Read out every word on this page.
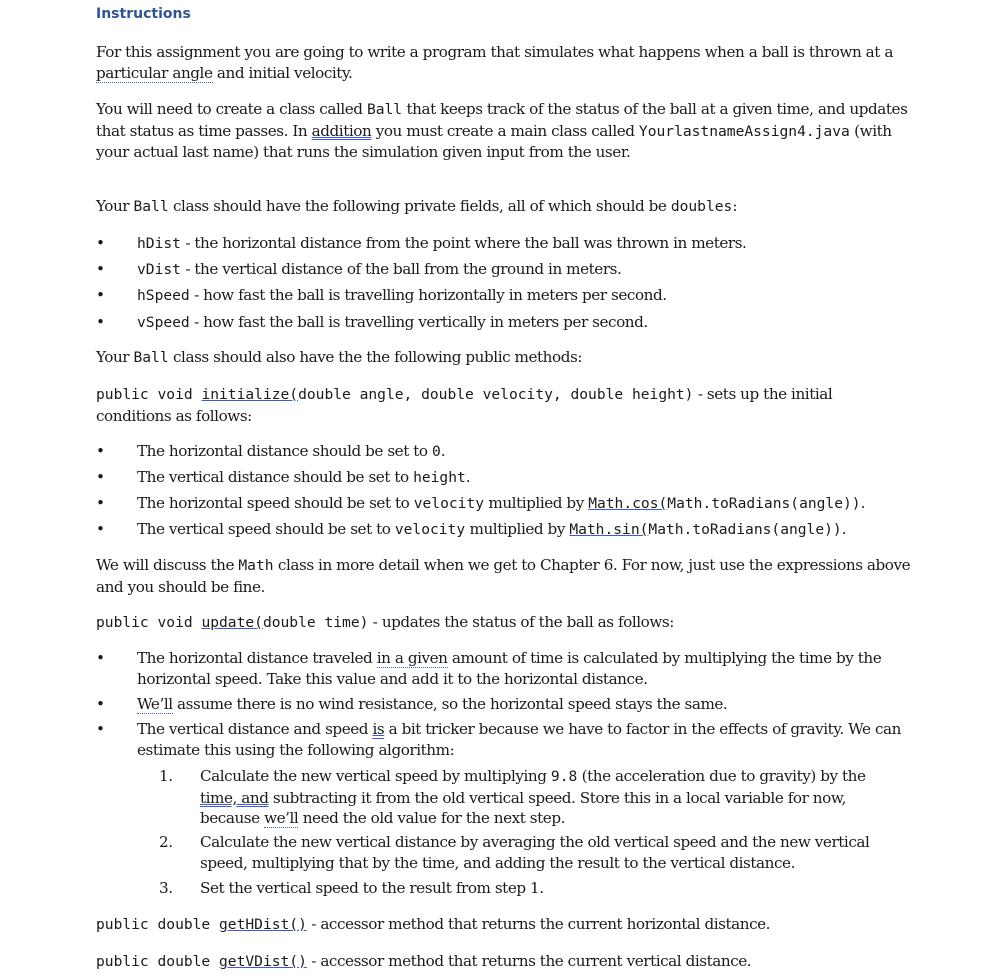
Instructions
For this assignment you are going to write a program that simulates what happens when a ball is thrown at a particular angle and initial velocity.
You will need to create a class called Ball that keeps track of the status of the ball at a given time, and updates that status as time passes. In addition you must create a main class called YourlastnameAssign4.java (with your actual last name) that runs the simulation given input from the user.
Your Ball class should have the following private fields, all of which should be doubles:
• hDist - the horizontal distance from the point where the ball was thrown in meters.
• vDist - the vertical distance of the ball from the ground in meters.
• hSpeed - how fast the ball is travelling horizontally in meters per second.
• vSpeed - how fast the ball is travelling vertically in meters per second.
Your Ball class should also have the the following public methods:
public void initialize(double angle, double velocity, double height) - sets up the initial conditions as follows:
• The horizontal distance should be set to 0.
• The vertical distance should be set to height.
• The horizontal speed should be set to velocity multiplied by Math.cos(Math.toRadians(angle)).
• The vertical speed should be set to velocity multiplied by Math.sin(Math.toRadians(angle)).
We will discuss the Math class in more detail when we get to Chapter 6. For now, just use the expressions above and you should be fine.
public void update(double time) - updates the status of the ball as follows:
• The horizontal distance traveled in a given amount of time is calculated by multiplying the time by the horizontal speed. Take this value and add it to the horizontal distance.
• We’ll assume there is no wind resistance, so the horizontal speed stays the same.
• The vertical distance and speed is a bit tricker because we have to factor in the effects of gravity. We can estimate this using the following algorithm:
1. Calculate the new vertical speed by multiplying 9.8 (the acceleration due to gravity) by the time, and subtracting it from the old vertical speed. Store this in a local variable for now, because we’ll need the old value for the next step.
2. Calculate the new vertical distance by averaging the old vertical speed and the new vertical speed, multiplying that by the time, and adding the result to the vertical distance.
3. Set the vertical speed to the result from step 1.
public double getHDist() - accessor method that returns the current horizontal distance.
public double getVDist() - accessor method that returns the current vertical distance.
